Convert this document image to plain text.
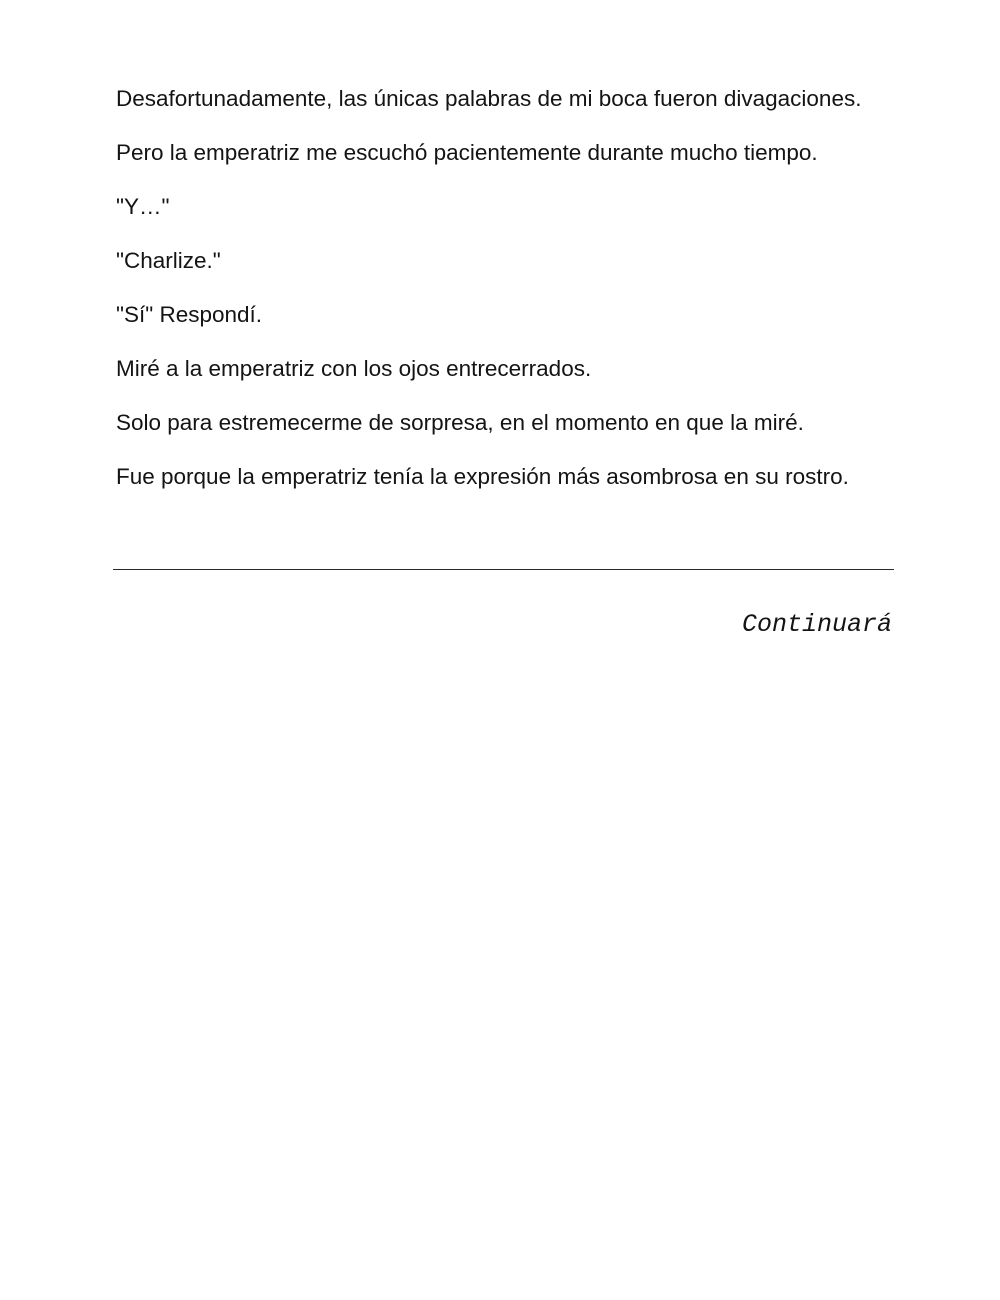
Desafortunadamente, las únicas palabras de mi boca fueron divagaciones.

Pero la emperatriz me escuchó pacientemente durante mucho tiempo.

"Y…"

"Charlize."

"Sí" Respondí.

Miré a la emperatriz con los ojos entrecerrados.

Solo para estremecerme de sorpresa, en el momento en que la miré.

Fue porque la emperatriz tenía la expresión más asombrosa en su rostro.

Continuará
